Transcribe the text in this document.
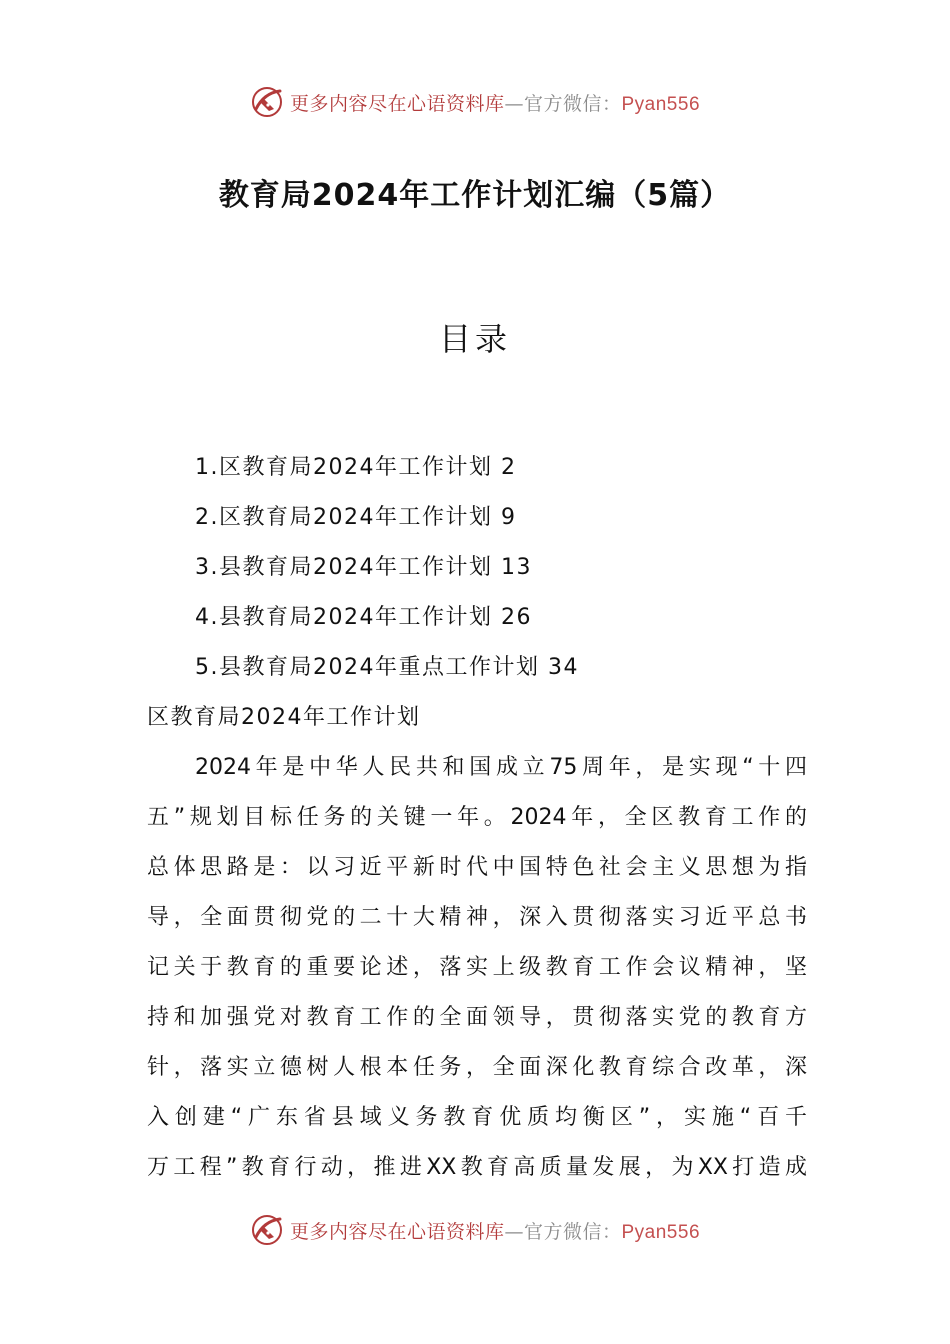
更多内容尽在心语资料库—官方微信：Pyan556
教育局2024年工作计划汇编（5篇）
目录
1.区教育局2024年工作计划 2
2.区教育局2024年工作计划 9
3.县教育局2024年工作计划 13
4.县教育局2024年工作计划 26
5.县教育局2024年重点工作计划 34
区教育局2024年工作计划
2024年是中华人民共和国成立75周年，是实现“十四
五”规划目标任务的关键一年。2024年，全区教育工作的
总体思路是：以习近平新时代中国特色社会主义思想为指
导，全面贯彻党的二十大精神，深入贯彻落实习近平总书
记关于教育的重要论述，落实上级教育工作会议精神，坚
持和加强党对教育工作的全面领导，贯彻落实党的教育方
针，落实立德树人根本任务，全面深化教育综合改革，深
入创建“广东省县域义务教育优质均衡区”，实施“百千
万工程”教育行动，推进XX教育高质量发展，为XX打造成
更多内容尽在心语资料库—官方微信：Pyan556
